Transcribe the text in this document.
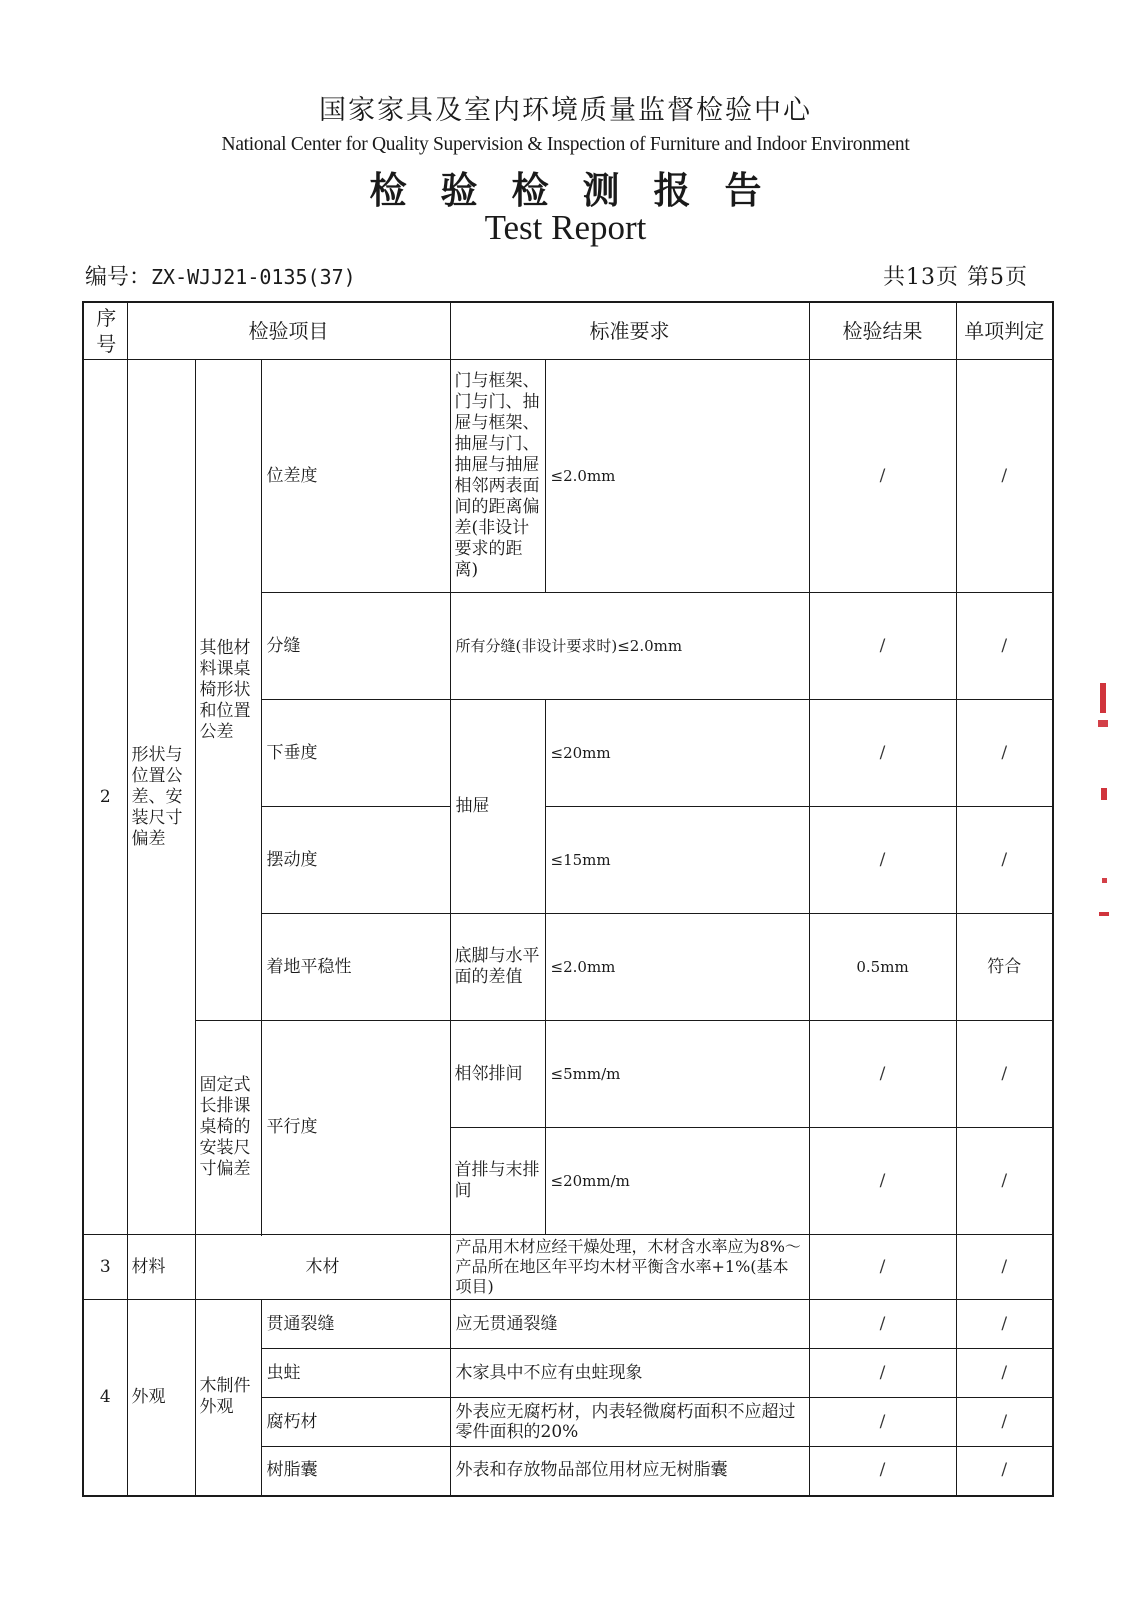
国家家具及室内环境质量监督检验中心
National Center for Quality Supervision & Inspection of Furniture and Indoor Environment
检验检测报告
Test Report
编号：ZX-WJJ21-0135(37)	共13页 第5页
序号	检验项目			标准要求		检验结果	单项判定
2	形状与位置公差、安装尺寸偏差	其他材料课桌椅形状和位置公差	位差度	门与框架、门与门、抽屉与框架、抽屉与门、抽屉与抽屉相邻两表面间的距离偏差(非设计要求的距离)	≤2.0mm	/	/
			分缝	所有分缝(非设计要求时)≤2.0mm		/	/
			下垂度	抽屉	≤20mm	/	/
			摆动度		≤15mm	/	/
			着地平稳性	底脚与水平面的差值	≤2.0mm	0.5mm	符合

		固定式长排课桌椅的安装尺寸偏差	平行度	相邻排间	≤5mm/m	/	/
				首排与末排间	≤20mm/m	/	/

3	材料	木材		产品用木材应经干燥处理，木材含水率应为8%～产品所在地区年平均木材平衡含水率+1%(基本项目)		/	/
4	外观	木制件外观	贯通裂缝	应无贯通裂缝		/	/
			虫蛀	木家具中不应有虫蛀现象		/	/
			腐朽材	外表应无腐朽材，内表轻微腐朽面积不应超过零件面积的20%		/	/
			树脂囊	外表和存放物品部位用材应无树脂囊		/	/
